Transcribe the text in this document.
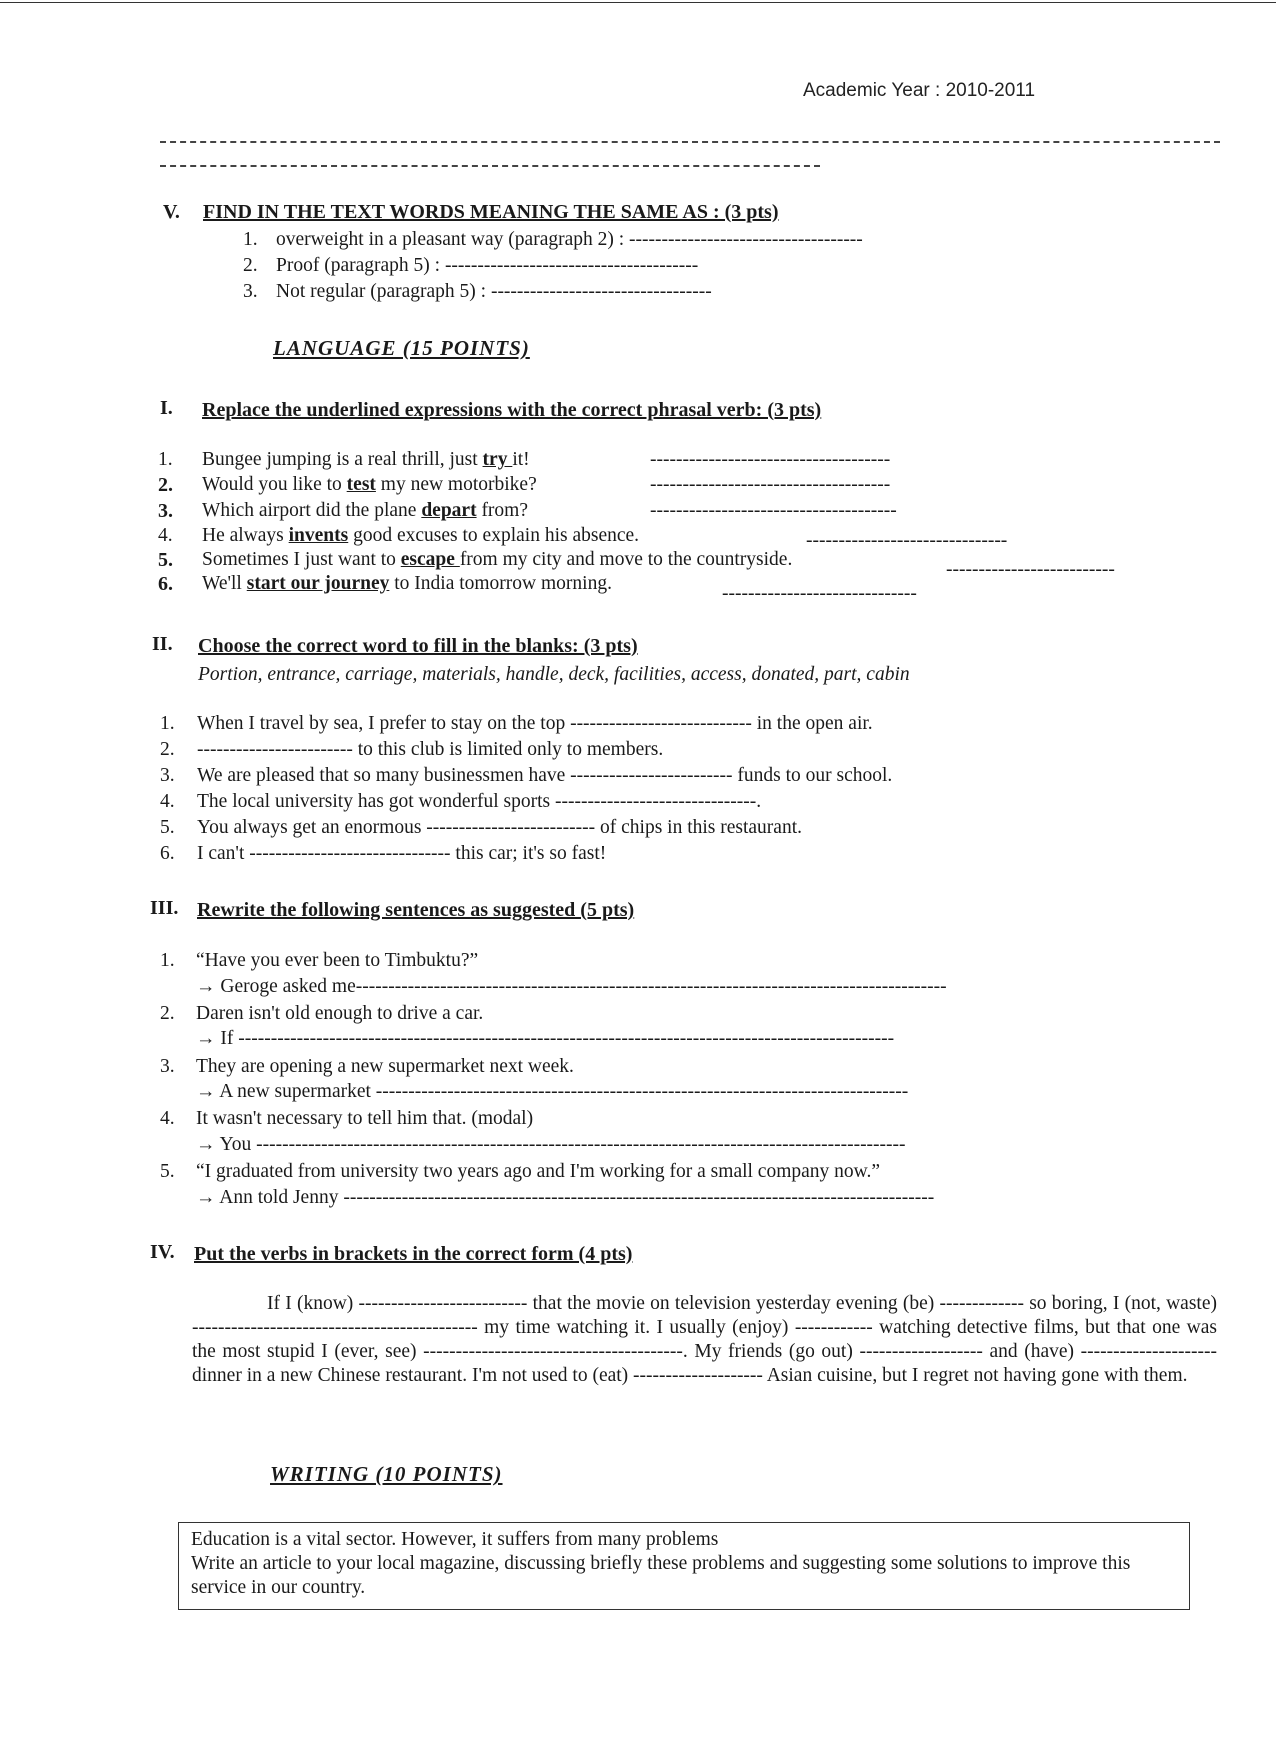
Academic Year : 2010-2011
V. FIND IN THE TEXT WORDS MEANING THE SAME AS : (3 pts)
1. overweight in a pleasant way (paragraph 2) : ------------------------------------
2. Proof (paragraph 5) : ---------------------------------------
3. Not regular (paragraph 5) : ----------------------------------
LANGUAGE (15 POINTS)
I. Replace the underlined expressions with the correct phrasal verb: (3 pts)
1. Bungee jumping is a real thrill, just try it!	-------------------------------------
2. Would you like to test my new motorbike?	-------------------------------------
3. Which airport did the plane depart from?	--------------------------------------
4. He always invents good excuses to explain his absence.	-------------------------------
5. Sometimes I just want to escape from my city and move to the countryside.	--------------------------
6. We'll start our journey to India tomorrow morning.	------------------------------
II. Choose the correct word to fill in the blanks: (3 pts)
Portion, entrance, carriage, materials, handle, deck, facilities, access, donated, part, cabin
1. When I travel by sea, I prefer to stay on the top ---------------------------- in the open air.
2. ------------------------ to this club is limited only to members.
3. We are pleased that so many businessmen have ------------------------- funds to our school.
4. The local university has got wonderful sports -------------------------------.
5. You always get an enormous -------------------------- of chips in this restaurant.
6. I can't ------------------------------- this car; it's so fast!
III. Rewrite the following sentences as suggested (5 pts)
1. “Have you ever been to Timbuktu?”
→ Geroge asked me-------------------------------------------------------------------------------------------
2. Daren isn't old enough to drive a car.
→ If -----------------------------------------------------------------------------------------------------
3. They are opening a new supermarket next week.
→ A new supermarket ----------------------------------------------------------------------------------
4. It wasn't necessary to tell him that. (modal)
→ You ----------------------------------------------------------------------------------------------------
5. “I graduated from university two years ago and I'm working for a small company now.”
→ Ann told Jenny -------------------------------------------------------------------------------------------
IV. Put the verbs in brackets in the correct form (4 pts)
If I (know) -------------------------- that the movie on television yesterday evening (be) ------------- so boring, I (not, waste) -------------------------------------------- my time watching it. I usually (enjoy) ------------ watching detective films, but that one was the most stupid I (ever, see) ----------------------------------------. My friends (go out) ------------------- and (have) --------------------- dinner in a new Chinese restaurant. I'm not used to (eat) -------------------- Asian cuisine, but I regret not having gone with them.
WRITING (10 POINTS)
Education is a vital sector. However, it suffers from many problems
Write an article to your local magazine, discussing briefly these problems and suggesting some solutions to improve this service in our country.
